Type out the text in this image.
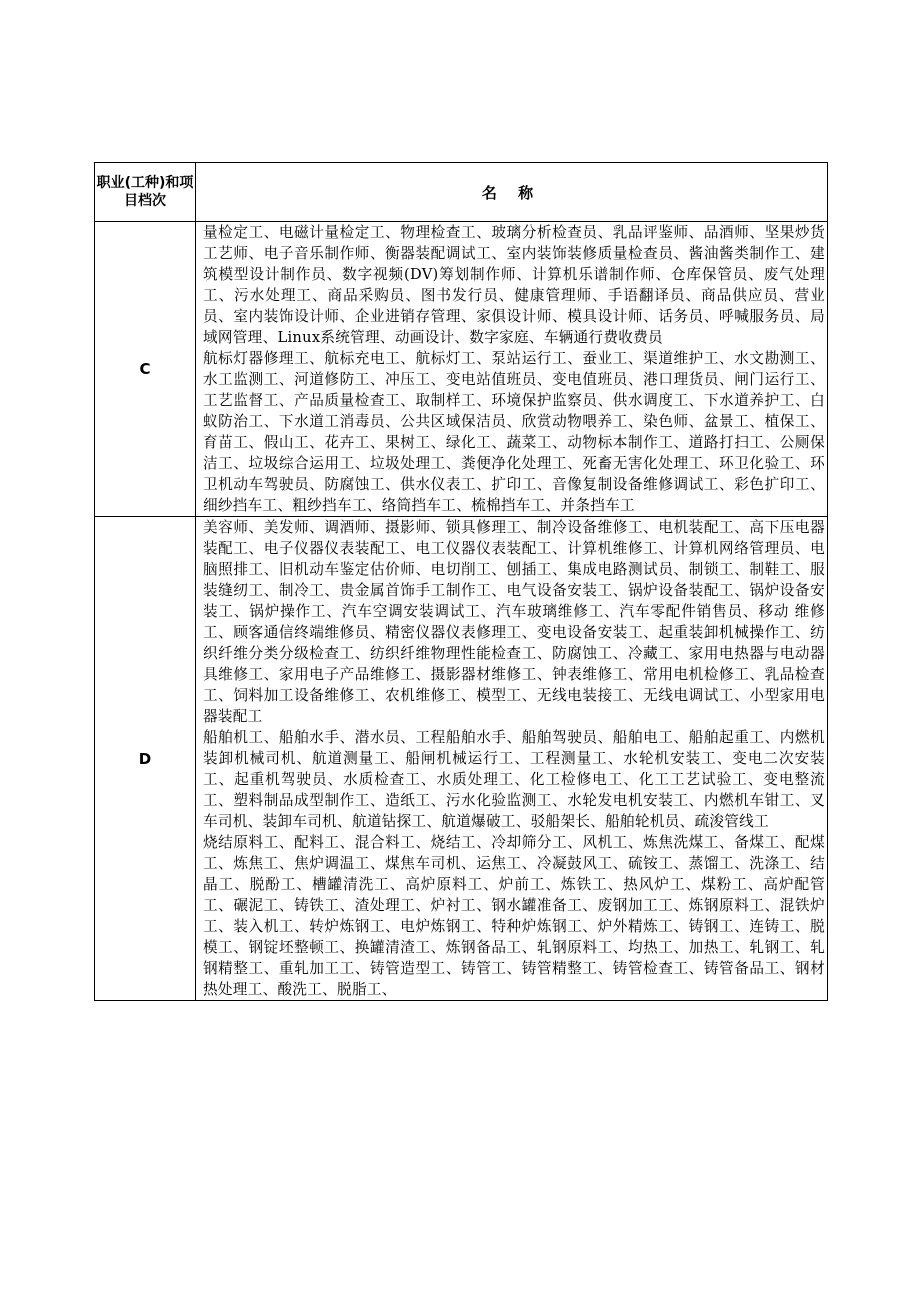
职业(工种)和项目档次	名 称
C	量检定工、电磁计量检定工、物理检查工、玻璃分析检查员、乳品评鉴师、品酒师、坚果炒货工艺师、电子音乐制作师、衡器装配调试工、室内装饰装修质量检查员、酱油酱类制作工、建筑模型设计制作员、数字视频(DV)筹划制作师、计算机乐谱制作师、仓库保管员、废气处理工、污水处理工、商品采购员、图书发行员、健康管理师、手语翻译员、商品供应员、营业员、室内装饰设计师、企业进销存管理、家俱设计师、模具设计师、话务员、呼喊服务员、局域网管理、Linux系统管理、动画设计、数字家庭、车辆通行费收费员
航标灯器修理工、航标充电工、航标灯工、泵站运行工、蚕业工、渠道维护工、水文勘测工、水工监测工、河道修防工、冲压工、变电站值班员、变电值班员、港口理货员、闸门运行工、工艺监督工、产品质量检查工、取制样工、环境保护监察员、供水调度工、下水道养护工、白蚁防治工、下水道工消毒员、公共区域保洁员、欣赏动物喂养工、染色师、盆景工、植保工、育苗工、假山工、花卉工、果树工、绿化工、蔬菜工、动物标本制作工、道路打扫工、公厕保洁工、垃圾综合运用工、垃圾处理工、粪便净化处理工、死畜无害化处理工、环卫化验工、环卫机动车驾驶员、防腐蚀工、供水仪表工、扩印工、音像复制设备维修调试工、彩色扩印工、细纱挡车工、粗纱挡车工、络筒挡车工、梳棉挡车工、并条挡车工

D	美容师、美发师、调酒师、摄影师、锁具修理工、制冷设备维修工、电机装配工、高下压电器装配工、电子仪器仪表装配工、电工仪器仪表装配工、计算机维修工、计算机网络管理员、电脑照排工、旧机动车鉴定估价师、电切削工、刨插工、集成电路测试员、制锁工、制鞋工、服装缝纫工、制冷工、贵金属首饰手工制作工、电气设备安装工、锅炉设备装配工、锅炉设备安装工、锅炉操作工、汽车空调安装调试工、汽车玻璃维修工、汽车零配件销售员、移动 维修工、顾客通信终端维修员、精密仪器仪表修理工、变电设备安装工、起重装卸机械操作工、纺织纤维分类分级检查工、纺织纤维物理性能检查工、防腐蚀工、冷藏工、家用电热器与电动器具维修工、家用电子产品维修工、摄影器材维修工、钟表维修工、常用电机检修工、乳品检查工、饲料加工设备维修工、农机维修工、模型工、无线电装接工、无线电调试工、小型家用电器装配工
船舶机工、船舶水手、潜水员、工程船舶水手、船舶驾驶员、船舶电工、船舶起重工、内燃机装卸机械司机、航道测量工、船闸机械运行工、工程测量工、水轮机安装工、变电二次安装工、起重机驾驶员、水质检查工、水质处理工、化工检修电工、化工工艺试验工、变电整流工、塑料制品成型制作工、造纸工、污水化验监测工、水轮发电机安装工、内燃机车钳工、叉车司机、装卸车司机、航道钻探工、航道爆破工、驳船架长、船舶轮机员、疏浚管线工
烧结原料工、配料工、混合料工、烧结工、冷却筛分工、风机工、炼焦洗煤工、备煤工、配煤工、炼焦工、焦炉调温工、煤焦车司机、运焦工、冷凝鼓风工、硫铵工、蒸馏工、洗涤工、结晶工、脱酚工、槽罐清洗工、高炉原料工、炉前工、炼铁工、热风炉工、煤粉工、高炉配管工、碾泥工、铸铁工、渣处理工、炉衬工、钢水罐准备工、废钢加工工、炼钢原料工、混铁炉工、装入机工、转炉炼钢工、电炉炼钢工、特种炉炼钢工、炉外精炼工、铸钢工、连铸工、脱模工、钢锭坯整顿工、换罐清渣工、炼钢备品工、轧钢原料工、均热工、加热工、轧钢工、轧钢精整工、重轧加工工、铸管造型工、铸管工、铸管精整工、铸管检查工、铸管备品工、钢材热处理工、酸洗工、脱脂工、
